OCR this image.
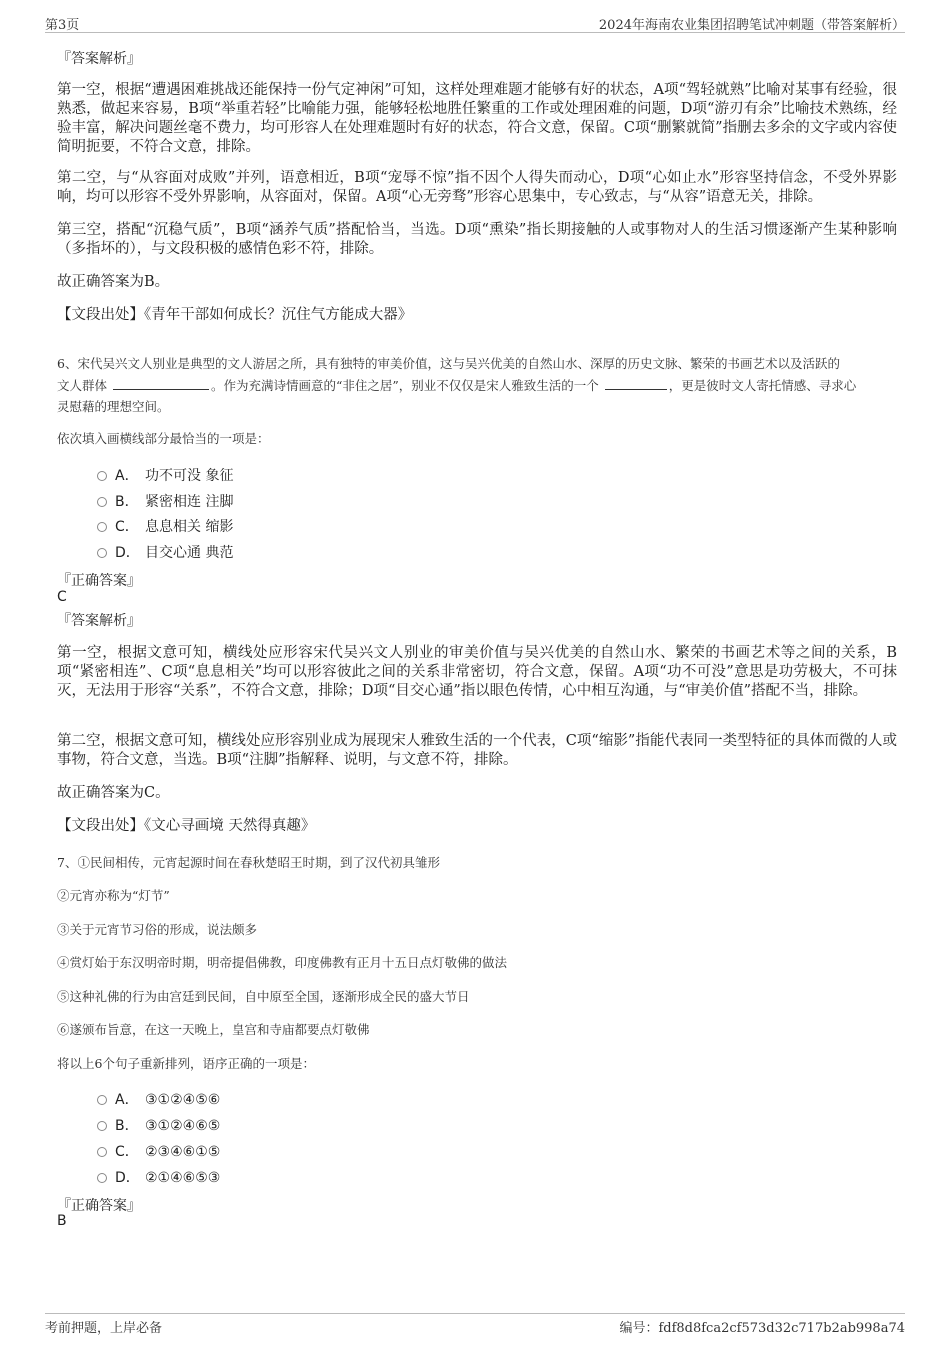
第3页	2024年海南农业集团招聘笔试冲刺题（带答案解析）
『答案解析』
第一空，根据“遭遇困难挑战还能保持一份气定神闲”可知，这样处理难题才能够有好的状态，A项“驾轻就熟”比喻对某事有经验，很熟悉，做起来容易，B项“举重若轻”比喻能力强，能够轻松地胜任繁重的工作或处理困难的问题，D项“游刃有余”比喻技术熟练，经验丰富，解决问题丝毫不费力，均可形容人在处理难题时有好的状态，符合文意，保留。C项“删繁就简”指删去多余的文字或内容使简明扼要，不符合文意，排除。
第二空，与“从容面对成败”并列，语意相近，B项“宠辱不惊”指不因个人得失而动心，D项“心如止水”形容坚持信念，不受外界影响，均可以形容不受外界影响，从容面对，保留。A项“心无旁骛”形容心思集中，专心致志，与“从容”语意无关，排除。
第三空，搭配“沉稳气质”，B项“涵养气质”搭配恰当，当选。D项“熏染”指长期接触的人或事物对人的生活习惯逐渐产生某种影响（多指坏的），与文段积极的感情色彩不符，排除。
故正确答案为B。
【文段出处】《青年干部如何成长？沉住气方能成大器》
6、宋代吴兴文人别业是典型的文人游居之所，具有独特的审美价值，这与吴兴优美的自然山水、深厚的历史文脉、繁荣的书画艺术以及活跃的
文人群体	。作为充满诗情画意的“非住之居”，别业不仅仅是宋人雅致生活的一个	，更是彼时文人寄托情感、寻求心
灵慰藉的理想空间。
依次填入画横线部分最恰当的一项是：
A． 功不可没 象征
B． 紧密相连 注脚
C． 息息相关 缩影
D． 目交心通 典范
『正确答案』
C
『答案解析』
第一空，根据文意可知，横线处应形容宋代吴兴文人别业的审美价值与吴兴优美的自然山水、繁荣的书画艺术等之间的关系，B项“紧密相连”、C项“息息相关”均可以形容彼此之间的关系非常密切，符合文意，保留。A项“功不可没”意思是功劳极大，不可抹灭，无法用于形容“关系”，不符合文意，排除；D项“目交心通”指以眼色传情，心中相互沟通，与“审美价值”搭配不当，排除。
第二空，根据文意可知，横线处应形容别业成为展现宋人雅致生活的一个代表，C项“缩影”指能代表同一类型特征的具体而微的人或事物，符合文意，当选。B项“注脚”指解释、说明，与文意不符，排除。
故正确答案为C。
【文段出处】《文心寻画境 天然得真趣》
7、①民间相传，元宵起源时间在春秋楚昭王时期，到了汉代初具雏形
②元宵亦称为“灯节”
③关于元宵节习俗的形成，说法颇多
④赏灯始于东汉明帝时期，明帝提倡佛教，印度佛教有正月十五日点灯敬佛的做法
⑤这种礼佛的行为由宫廷到民间，自中原至全国，逐渐形成全民的盛大节日
⑥遂颁布旨意，在这一天晚上，皇宫和寺庙都要点灯敬佛
将以上6个句子重新排列，语序正确的一项是：
A． ③①②④⑤⑥
B． ③①②④⑥⑤
C． ②③④⑥①⑤
D． ②①④⑥⑤③
『正确答案』
B
考前押题，上岸必备	编号：fdf8d8fca2cf573d32c717b2ab998a74
